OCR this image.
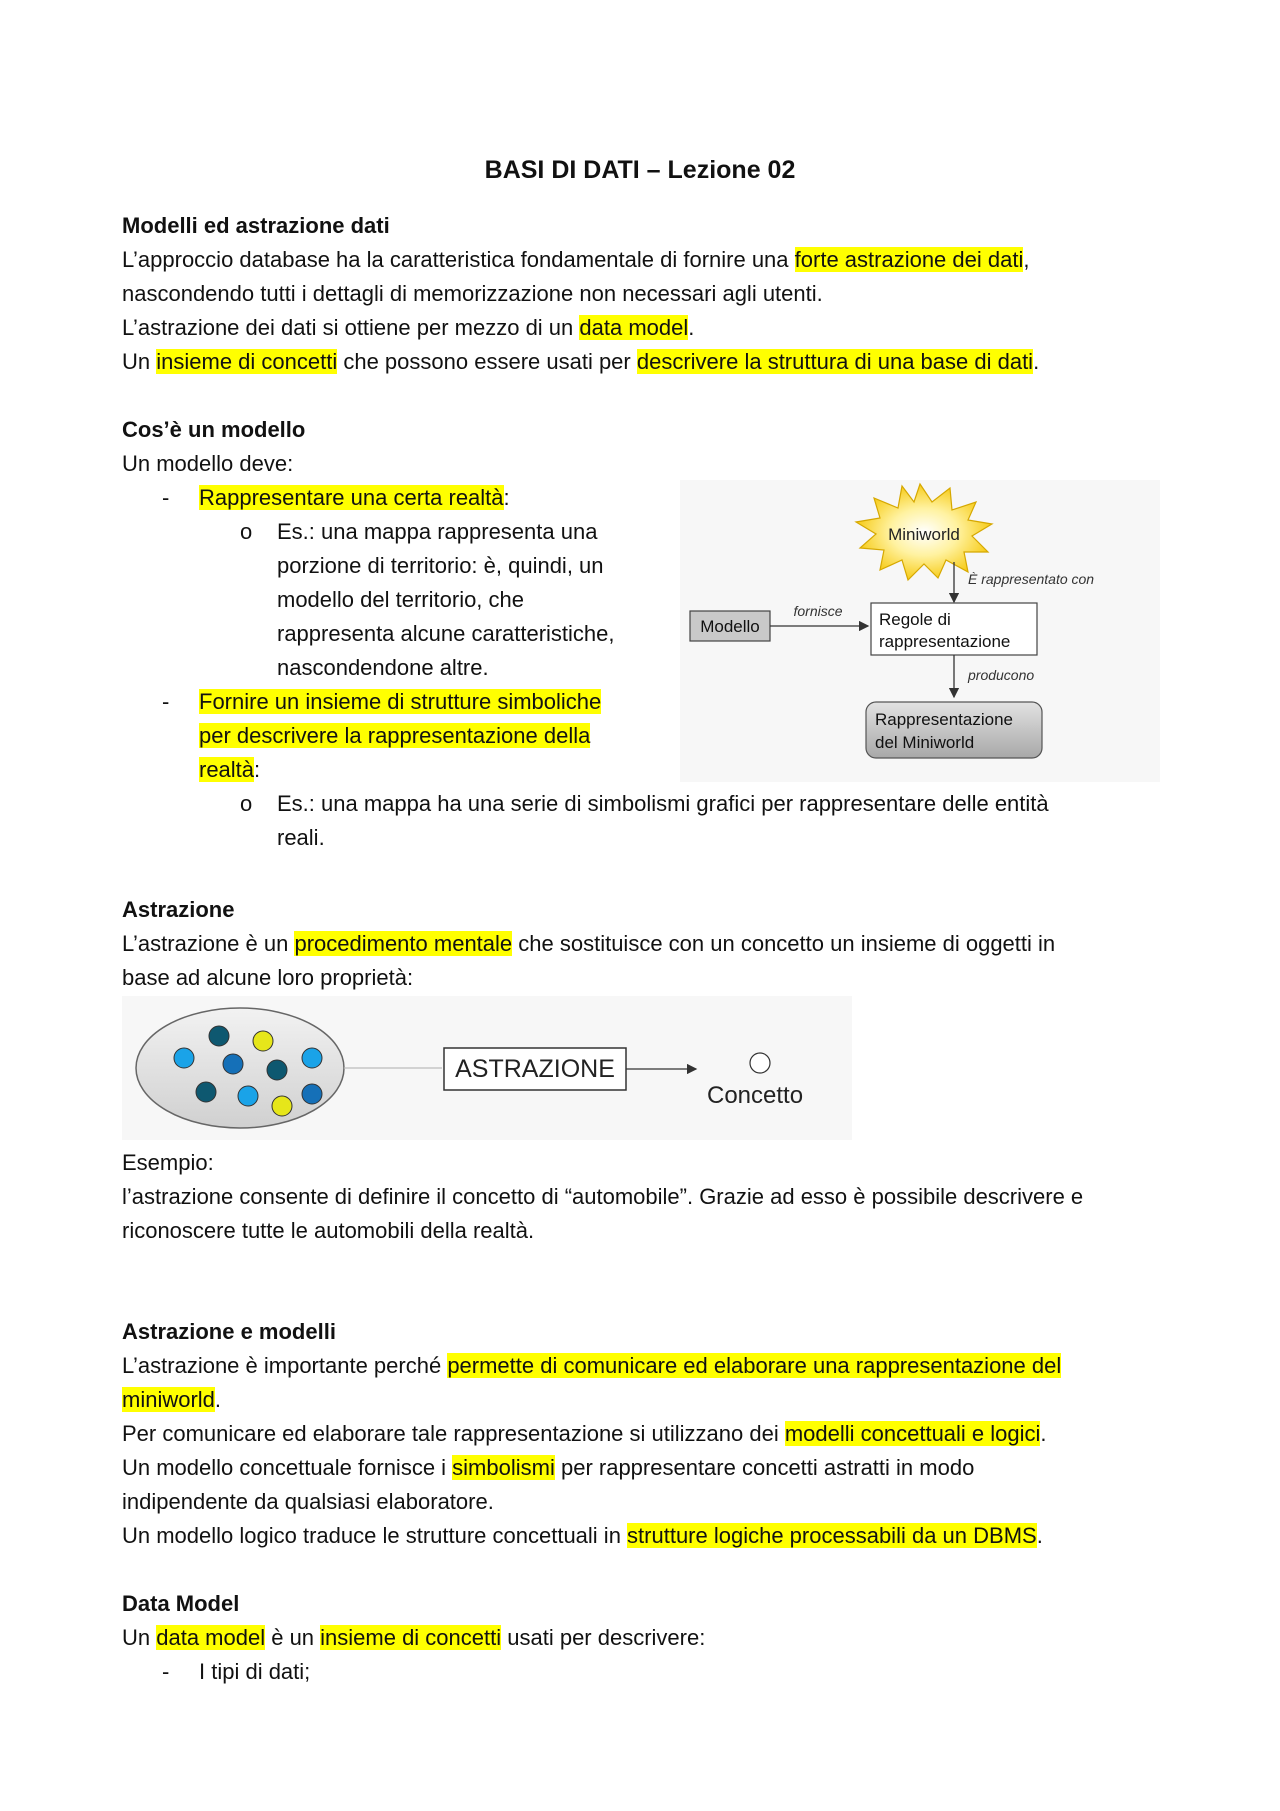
BASI DI DATI – Lezione 02
Modelli ed astrazione dati
L’approccio database ha la caratteristica fondamentale di fornire una forte astrazione dei dati,
nascondendo tutti i dettagli di memorizzazione non necessari agli utenti.
L’astrazione dei dati si ottiene per mezzo di un data model.
Un insieme di concetti che possono essere usati per descrivere la struttura di una base di dati.
Cos’è un modello
Un modello deve:
- Rappresentare una certa realtà:
o Es.: una mappa rappresenta una
porzione di territorio: è, quindi, un
modello del territorio, che
rappresenta alcune caratteristiche,
nascondendone altre.
- Fornire un insieme di strutture simboliche
per descrivere la rappresentazione della
realtà:
o Es.: una mappa ha una serie di simbolismi grafici per rappresentare delle entità
reali.
Miniworld
È rappresentato con
Modello
fornisce Regole di
rappresentazione
producono
Rappresentazione
del Miniworld
Astrazione
L’astrazione è un procedimento mentale che sostituisce con un concetto un insieme di oggetti in
base ad alcune loro proprietà:
ASTRAZIONE
Concetto
Esempio:
l’astrazione consente di definire il concetto di “automobile”. Grazie ad esso è possibile descrivere e
riconoscere tutte le automobili della realtà.
Astrazione e modelli
L’astrazione è importante perché permette di comunicare ed elaborare una rappresentazione del
miniworld.
Per comunicare ed elaborare tale rappresentazione si utilizzano dei modelli concettuali e logici.
Un modello concettuale fornisce i simbolismi per rappresentare concetti astratti in modo
indipendente da qualsiasi elaboratore.
Un modello logico traduce le strutture concettuali in strutture logiche processabili da un DBMS.
Data Model
Un data model è un insieme di concetti usati per descrivere:
- I tipi di dati;
